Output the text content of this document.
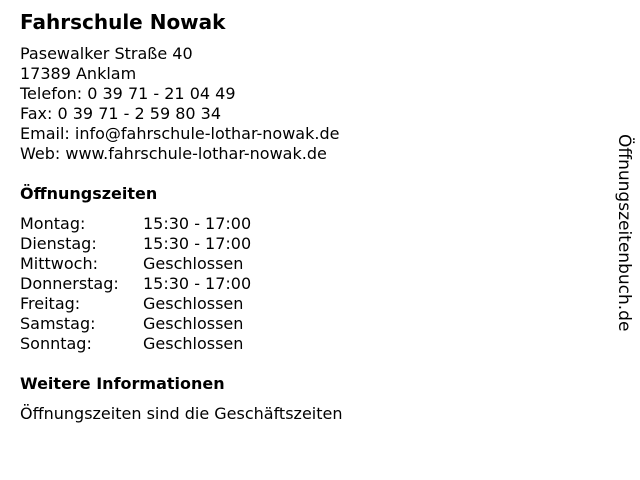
Fahrschule Nowak
Pasewalker Straße 40
17389 Anklam
Telefon: 0 39 71 - 21 04 49
Fax: 0 39 71 - 2 59 80 34
Email: info@fahrschule-lothar-nowak.de
Web: www.fahrschule-lothar-nowak.de
Öffnungszeiten
Montag:	15:30 - 17:00
Dienstag:	15:30 - 17:00
Mittwoch:	Geschlossen
Donnerstag: 15:30 - 17:00
Freitag:	Geschlossen
Samstag:	Geschlossen
Sonntag:	Geschlossen
Weitere Informationen
Öffnungszeiten sind die Geschäftszeiten
Öffnungszeitenbuch.de
